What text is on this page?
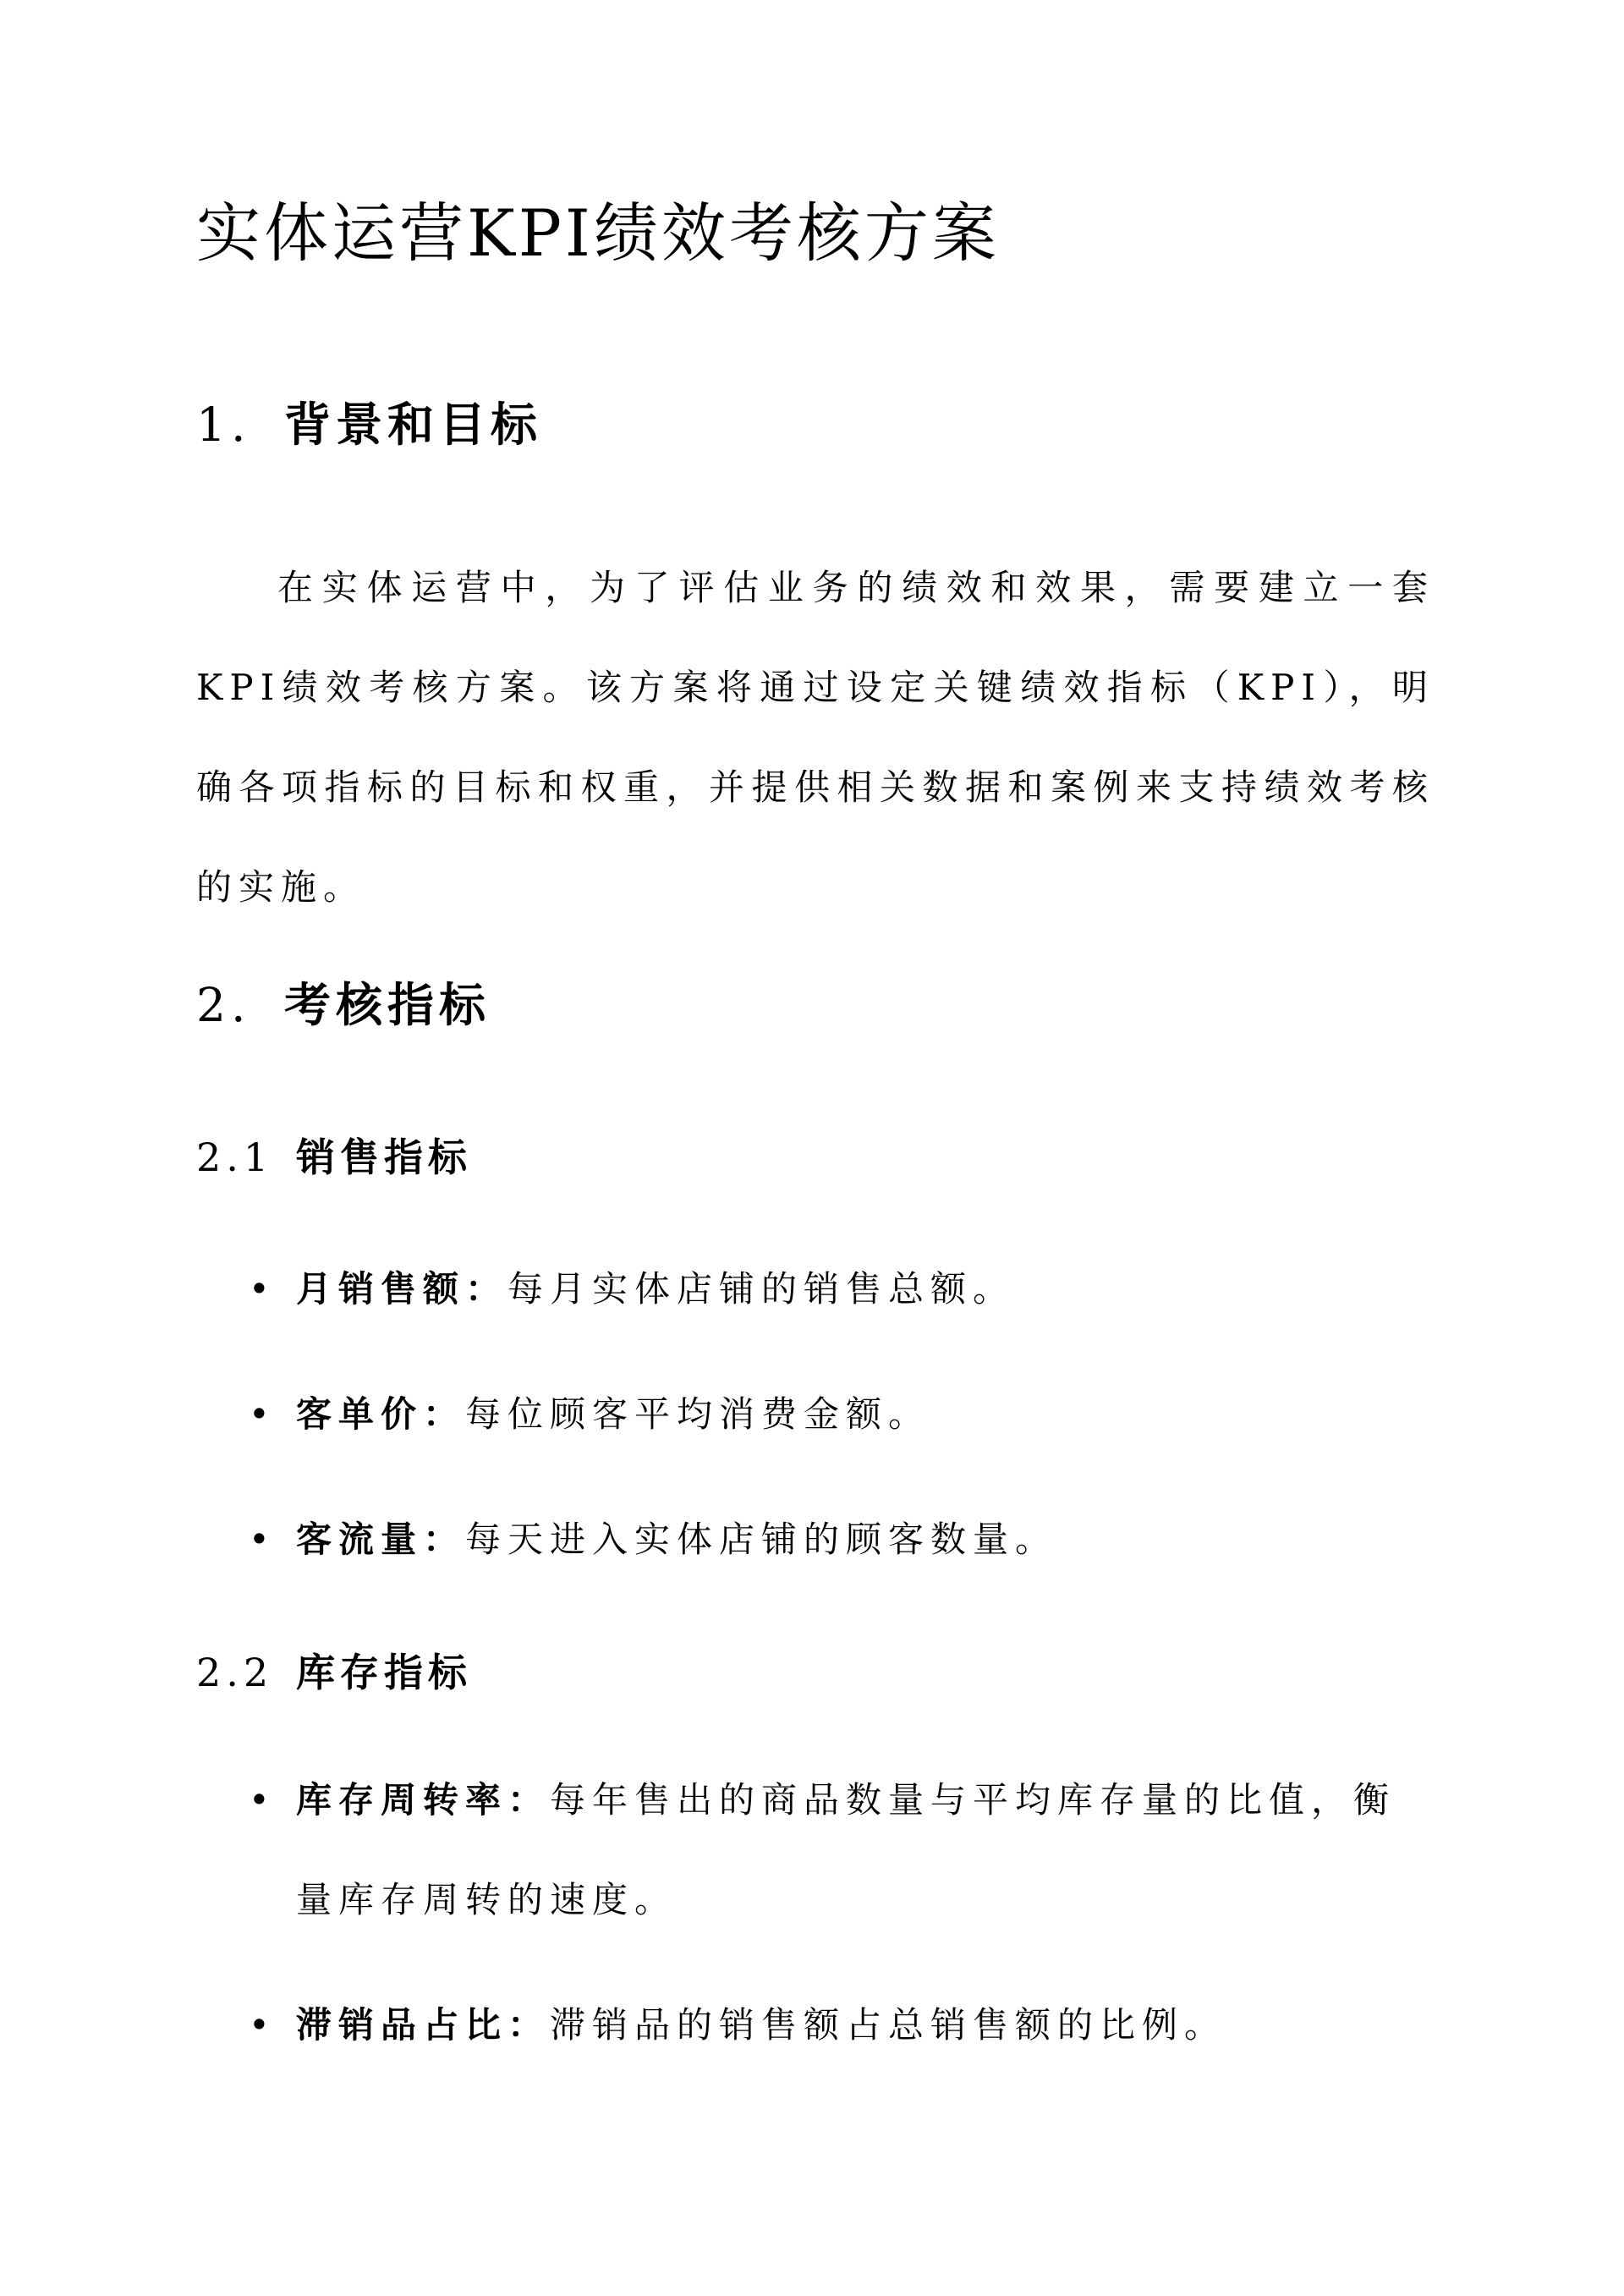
实体运营KPI绩效考核方案
1. 背景和目标

在实体运营中，为了评估业务的绩效和效果，需要建立一套KPI绩效考核方案。该方案将通过设定关键绩效指标（KPI），明确各项指标的目标和权重，并提供相关数据和案例来支持绩效考核的实施。

2. 考核指标
2.1 销售指标
• 月销售额：每月实体店铺的销售总额。
• 客单价：每位顾客平均消费金额。
• 客流量：每天进入实体店铺的顾客数量。
2.2 库存指标
• 库存周转率：每年售出的商品数量与平均库存量的比值，衡量库存周转的速度。
• 滞销品占比：滞销品的销售额占总销售额的比例。
